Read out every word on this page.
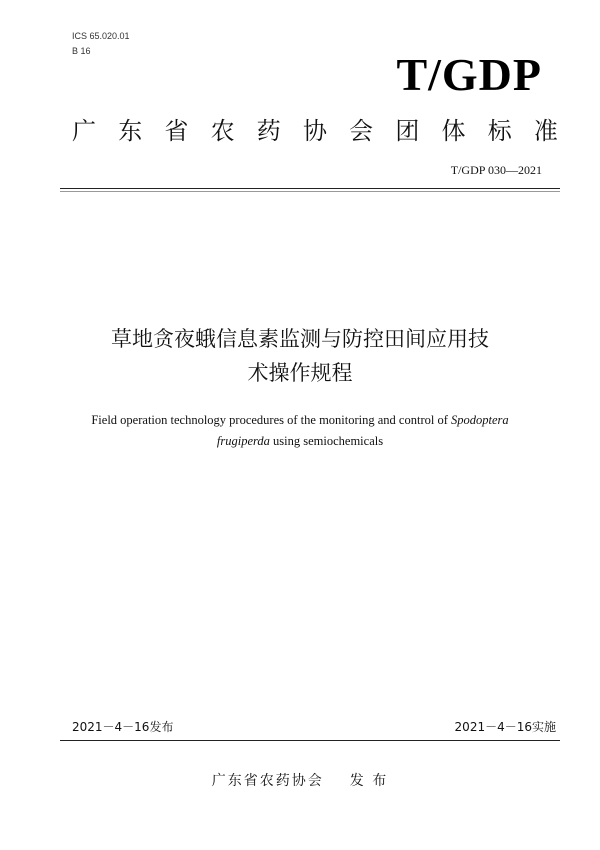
ICS 65.020.01
B 16	T/GDP
广 东 省 农 药 协 会 团 体 标 准
T/GDP 030—2021
草地贪夜蛾信息素监测与防控田间应用技
术操作规程
Field operation technology procedures of the monitoring and control of Spodoptera
frugiperda using semiochemicals
2021－4－16发布	2021－4－16实施
广东省农药协会 发 布
